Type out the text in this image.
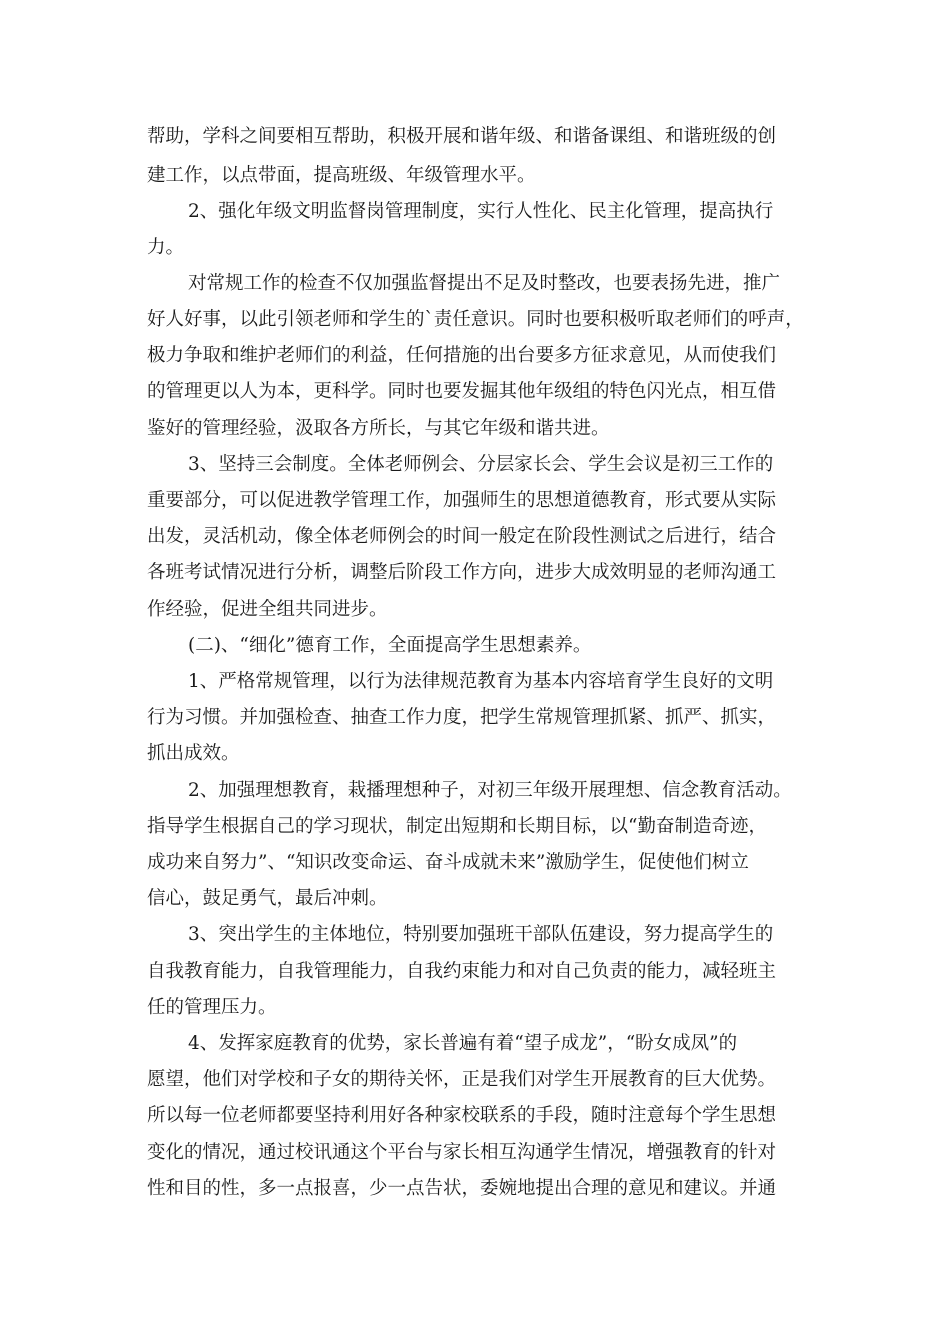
帮助，学科之间要相互帮助，积极开展和谐年级、和谐备课组、和谐班级的创
建工作，以点带面，提高班级、年级管理水平。
2、强化年级文明监督岗管理制度，实行人性化、民主化管理，提高执行
力。
对常规工作的检查不仅加强监督提出不足及时整改，也要表扬先进，推广
好人好事，以此引领老师和学生的`责任意识。同时也要积极听取老师们的呼声，
极力争取和维护老师们的利益，任何措施的出台要多方征求意见，从而使我们
的管理更以人为本，更科学。同时也要发掘其他年级组的特色闪光点，相互借
鉴好的管理经验，汲取各方所长，与其它年级和谐共进。
3、坚持三会制度。全体老师例会、分层家长会、学生会议是初三工作的
重要部分，可以促进教学管理工作，加强师生的思想道德教育，形式要从实际
出发，灵活机动，像全体老师例会的时间一般定在阶段性测试之后进行，结合
各班考试情况进行分析，调整后阶段工作方向，进步大成效明显的老师沟通工
作经验，促进全组共同进步。
(二)、“细化”德育工作，全面提高学生思想素养。
1、严格常规管理，以行为法律规范教育为基本内容培育学生良好的文明
行为习惯。并加强检查、抽查工作力度，把学生常规管理抓紧、抓严、抓实，
抓出成效。
2、加强理想教育，栽播理想种子，对初三年级开展理想、信念教育活动。
指导学生根据自己的学习现状，制定出短期和长期目标，以“勤奋制造奇迹，
成功来自努力”、“知识改变命运、奋斗成就未来”激励学生，促使他们树立
信心，鼓足勇气，最后冲刺。
3、突出学生的主体地位，特别要加强班干部队伍建设，努力提高学生的
自我教育能力，自我管理能力，自我约束能力和对自己负责的能力，减轻班主
任的管理压力。
4、发挥家庭教育的优势，家长普遍有着“望子成龙”，“盼女成凤”的
愿望，他们对学校和子女的期待关怀，正是我们对学生开展教育的巨大优势。
所以每一位老师都要坚持利用好各种家校联系的手段，随时注意每个学生思想
变化的情况，通过校讯通这个平台与家长相互沟通学生情况，增强教育的针对
性和目的性，多一点报喜，少一点告状，委婉地提出合理的意见和建议。并通
